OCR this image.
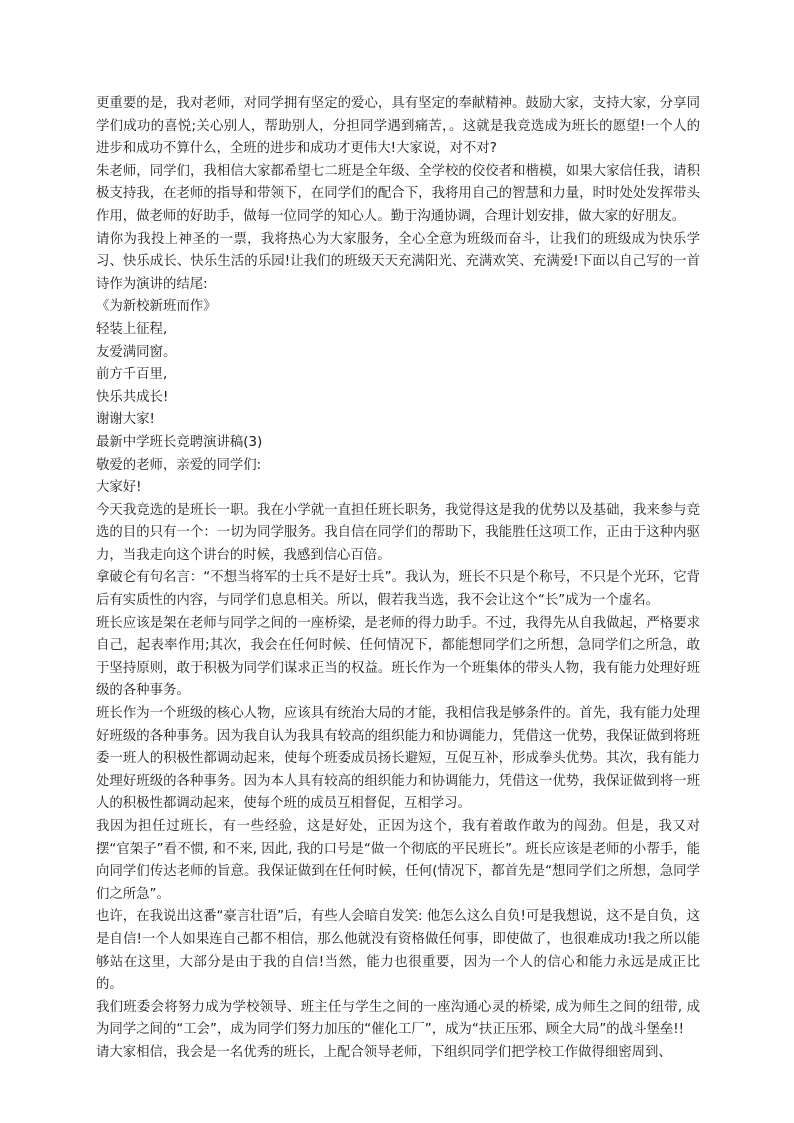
更重要的是，我对老师，对同学拥有坚定的爱心，具有坚定的奉献精神。鼓励大家，支持大家，分享同学们成功的喜悦;关心别人，帮助别人，分担同学遇到痛苦，。这就是我竞选成为班长的愿望!一个人的进步和成功不算什么，全班的进步和成功才更伟大!大家说，对不对?

朱老师，同学们，我相信大家都希望七二班是全年级、全学校的佼佼者和楷模，如果大家信任我，请积极支持我，在老师的指导和带领下，在同学们的配合下，我将用自己的智慧和力量，时时处处发挥带头作用，做老师的好助手，做每一位同学的知心人。勤于沟通协调，合理计划安排，做大家的好朋友。

请你为我投上神圣的一票，我将热心为大家服务，全心全意为班级而奋斗，让我们的班级成为快乐学习、快乐成长、快乐生活的乐园!让我们的班级天天充满阳光、充满欢笑、充满爱!下面以自己写的一首诗作为演讲的结尾:

《为新校新班而作》

轻装上征程,

友爱满同窗。

前方千百里,

快乐共成长!

谢谢大家!

最新中学班长竞聘演讲稿(3)

敬爱的老师，亲爱的同学们:

大家好!

今天我竞选的是班长一职。我在小学就一直担任班长职务，我觉得这是我的优势以及基础，我来参与竞选的目的只有一个：一切为同学服务。我自信在同学们的帮助下，我能胜任这项工作，正由于这种内驱力，当我走向这个讲台的时候，我感到信心百倍。

拿破仑有句名言：“不想当将军的士兵不是好士兵”。我认为，班长不只是个称号，不只是个光环，它背后有实质性的内容，与同学们息息相关。所以，假若我当选，我不会让这个“长”成为一个虚名。

班长应该是架在老师与同学之间的一座桥梁，是老师的得力助手。不过，我得先从自我做起，严格要求自己，起表率作用;其次，我会在任何时候、任何情况下，都能想同学们之所想，急同学们之所急，敢于坚持原则，敢于积极为同学们谋求正当的权益。班长作为一个班集体的带头人物，我有能力处理好班级的各种事务。

班长作为一个班级的核心人物，应该具有统治大局的才能，我相信我是够条件的。首先，我有能力处理好班级的各种事务。因为我自认为我具有较高的组织能力和协调能力，凭借这一优势，我保证做到将班委一班人的积极性都调动起来，使每个班委成员扬长避短，互促互补，形成拳头优势。其次，我有能力处理好班级的各种事务。因为本人具有较高的组织能力和协调能力，凭借这一优势，我保证做到将一班人的积极性都调动起来，使每个班的成员互相督促，互相学习。

我因为担任过班长，有一些经验，这是好处，正因为这个，我有着敢作敢为的闯劲。但是，我又对摆“官架子”看不惯, 和不来, 因此, 我的口号是“做一个彻底的平民班长”。班长应该是老师的小帮手，能向同学们传达老师的旨意。我保证做到在任何时候，任何(情况下，都首先是“想同学们之所想，急同学们之所急”。

也许，在我说出这番“豪言壮语”后，有些人会暗自发笑: 他怎么这么自负!可是我想说，这不是自负，这是自信!一个人如果连自己都不相信，那么他就没有资格做任何事，即使做了，也很难成功!我之所以能够站在这里，大部分是由于我的自信!当然，能力也很重要，因为一个人的信心和能力永远是成正比的。

我们班委会将努力成为学校领导、班主任与学生之间的一座沟通心灵的桥梁, 成为师生之间的纽带, 成为同学之间的“工会”，成为同学们努力加压的“催化工厂”，成为“扶正压邪、顾全大局”的战斗堡垒!!

请大家相信，我会是一名优秀的班长，上配合领导老师，下组织同学们把学校工作做得细密周到、
